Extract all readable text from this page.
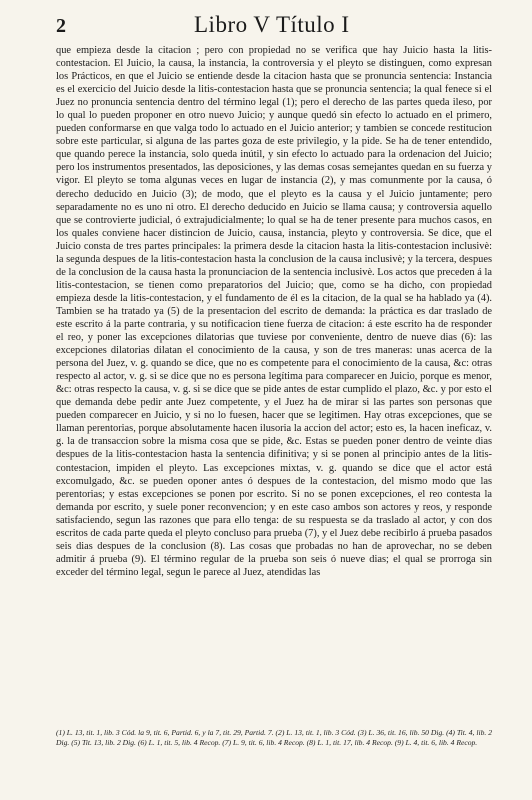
2	Libro V Título I

que empieza desde la citacion ; pero con propiedad no se verifica que hay Juicio hasta la litis-contestacion. El Juicio, la causa, la instancia, la controversia y el pleyto se distinguen, como expresan los Prácticos, en que el Juicio se entiende desde la citacion hasta que se pronuncia sentencia: Instancia es el exercicio del Juicio desde la litis-contestacion hasta que se pronuncia sentencia; la qual fenece si el Juez no pronuncia sentencia dentro del término legal (1); pero el derecho de las partes queda ileso, por lo qual lo pueden proponer en otro nuevo Juicio; y aunque quedó sin efecto lo actuado en el primero, pueden conformarse en que valga todo lo actuado en el Juicio anterior; y tambien se concede restitucion sobre este particular, si alguna de las partes goza de este privilegio, y la pide. Se ha de tener entendido, que quando perece la instancia, solo queda inútil, y sin efecto lo actuado para la ordenacion del Juicio; pero los instrumentos presentados, las deposiciones, y las demas cosas semejantes quedan en su fuerza y vigor. El pleyto se toma algunas veces en lugar de instancia (2), y mas comunmente por la causa, ó derecho deducido en Juicio (3); de modo, que el pleyto es la causa y el Juicio juntamente; pero separadamente no es uno ni otro. El derecho deducido en Juicio se llama causa; y controversia aquello que se controvierte judicial, ó extrajudicialmente; lo qual se ha de tener presente para muchos casos, en los quales conviene hacer distincion de Juicio, causa, instancia, pleyto y controversia. Se dice, que el Juicio consta de tres partes principales: la primera desde la citacion hasta la litis-contestacion inclusivè: la segunda despues de la litis-contestacion hasta la conclusion de la causa inclusivè; y la tercera, despues de la conclusion de la causa hasta la pronunciacion de la sentencia inclusivè. Los actos que preceden á la litis-contestacion, se tienen como preparatorios del Juicio; que, como se ha dicho, con propiedad empieza desde la litis-contestacion, y el fundamento de él es la citacion, de la qual se ha hablado ya (4). Tambien se ha tratado ya (5) de la presentacion del escrito de demanda: la práctica es dar traslado de este escrito á la parte contraria, y su notificacion tiene fuerza de citacion: á este escrito ha de responder el reo, y poner las excepciones dilatorias que tuviese por conveniente, dentro de nueve dias (6): las excepciones dilatorias dilatan el conocimiento de la causa, y son de tres maneras: unas acerca de la persona del Juez, v. g. quando se dice, que no es competente para el conocimiento de la causa, &c: otras respecto al actor, v. g. si se dice que no es persona legítima para comparecer en Juicio, porque es menor, &c: otras respecto la causa, v. g. si se dice que se pide antes de estar cumplido el plazo, &c. y por esto el que demanda debe pedir ante Juez competente, y el Juez ha de mirar si las partes son personas que pueden comparecer en Juicio, y si no lo fuesen, hacer que se legitimen. Hay otras excepciones, que se llaman perentorias, porque absolutamente hacen ilusoria la accion del actor; esto es, la hacen ineficaz, v. g. la de transaccion sobre la misma cosa que se pide, &c. Estas se pueden poner dentro de veinte dias despues de la litis-contestacion hasta la sentencia difinitiva; y si se ponen al principio antes de la litis-contestacion, impiden el pleyto. Las excepciones mixtas, v. g. quando se dice que el actor está excomulgado, &c. se pueden oponer antes ó despues de la contestacion, del mismo modo que las perentorias; y estas excepciones se ponen por escrito. Si no se ponen excepciones, el reo contesta la demanda por escrito, y suele poner reconvencion; y en este caso ambos son actores y reos, y responde satisfaciendo, segun las razones que para ello tenga: de su respuesta se da traslado al actor, y con dos escritos de cada parte queda el pleyto concluso para prueba (7), y el Juez debe recibirlo á prueba pasados seis dias despues de la conclusion (8). Las cosas que probadas no han de aprovechar, no se deben admitir á prueba (9). El término regular de la prueba son seis ó nueve dias; el qual se prorroga sin exceder del término legal, segun le parece al Juez, atendidas las

(1) L. 13, tit. 1, lib. 3 Cód. la 9, tit. 6, Partid. 6, y la 7, tit. 29, Partid. 7. (2) L. 13, tit. 1, lib. 3 Cód. (3) L. 36, tit. 16, lib. 50 Dig. (4) Tit. 4, lib. 2 Dig. (5) Tit. 13, lib. 2 Dig. (6) L. 1, tit. 5, lib. 4 Recop. (7) L. 9, tit. 6, lib. 4 Recop. (8) L. 1, tit. 17, lib. 4 Recop. (9) L. 4, tit. 6, lib. 4 Recop.
